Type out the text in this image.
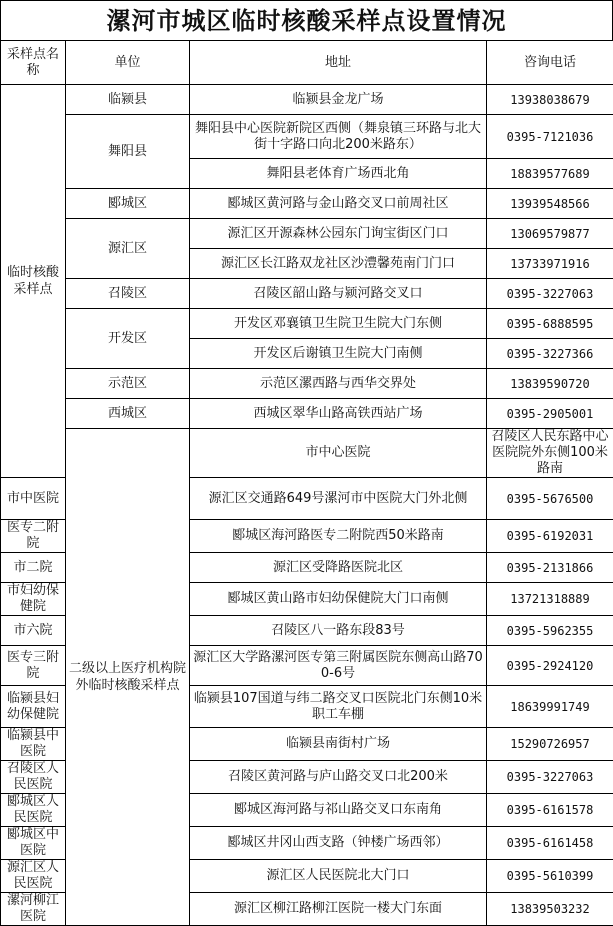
漯河市城区临时核酸采样点设置情况
采样点名称	单位	地址	咨询电话	
临时核酸采样点	临颍县	临颍县金龙广场	13938038679	
	舞阳县	舞阳县中心医院新院区西侧（舞泉镇三环路与北大街十字路口向北200米路东）	0395-7121036	
		舞阳县老体育广场西北角	18839577689	
	郾城区	郾城区黄河路与金山路交叉口前周社区	13939548566	
	源汇区	源汇区开源森林公园东门询宝街区门口	13069579877	
		源汇区长江路双龙社区沙澧馨苑南门门口	13733971916	
	召陵区	召陵区韶山路与颍河路交叉口	0395-3227063	
	开发区	开发区邓襄镇卫生院卫生院大门东侧	0395-6888595	
		开发区后谢镇卫生院大门南侧	0395-3227366	
	示范区	示范区漯西路与西华交界处	13839590720	
	西城区	西城区翠华山路高铁西站广场	0395-2905001	
	二级以上医疗机构院外临时核酸采样点	市中心医院	召陵区人民东路中心医院院外东侧100米路南	
市中医院		源汇区交通路649号漯河市中医院大门外北侧	0395-5676500	
医专二附院		郾城区海河路医专二附院西50米路南	0395-6192031	
市二院		源汇区受降路医院北区	0395-2131866	
市妇幼保健院		郾城区黄山路市妇幼保健院大门口南侧	13721318889	
市六院		召陵区八一路东段83号	0395-5962355	
医专三附院		源汇区大学路漯河医专第三附属医院东侧高山路700-6号	0395-2924120	
临颍县妇幼保健院		临颍县107国道与纬二路交叉口医院北门东侧10米职工车棚	18639991749	
临颍县中医院		临颍县南街村广场	15290726957	
召陵区人民医院		召陵区黄河路与庐山路交叉口北200米	0395-3227063	
郾城区人民医院		郾城区海河路与祁山路交叉口东南角	0395-6161578	
郾城区中医院		郾城区井冈山西支路（钟楼广场西邻）	0395-6161458	
源汇区人民医院		源汇区人民医院北大门口	0395-5610399	
漯河柳江医院		源汇区柳江路柳江医院一楼大门东面	13839503232	
